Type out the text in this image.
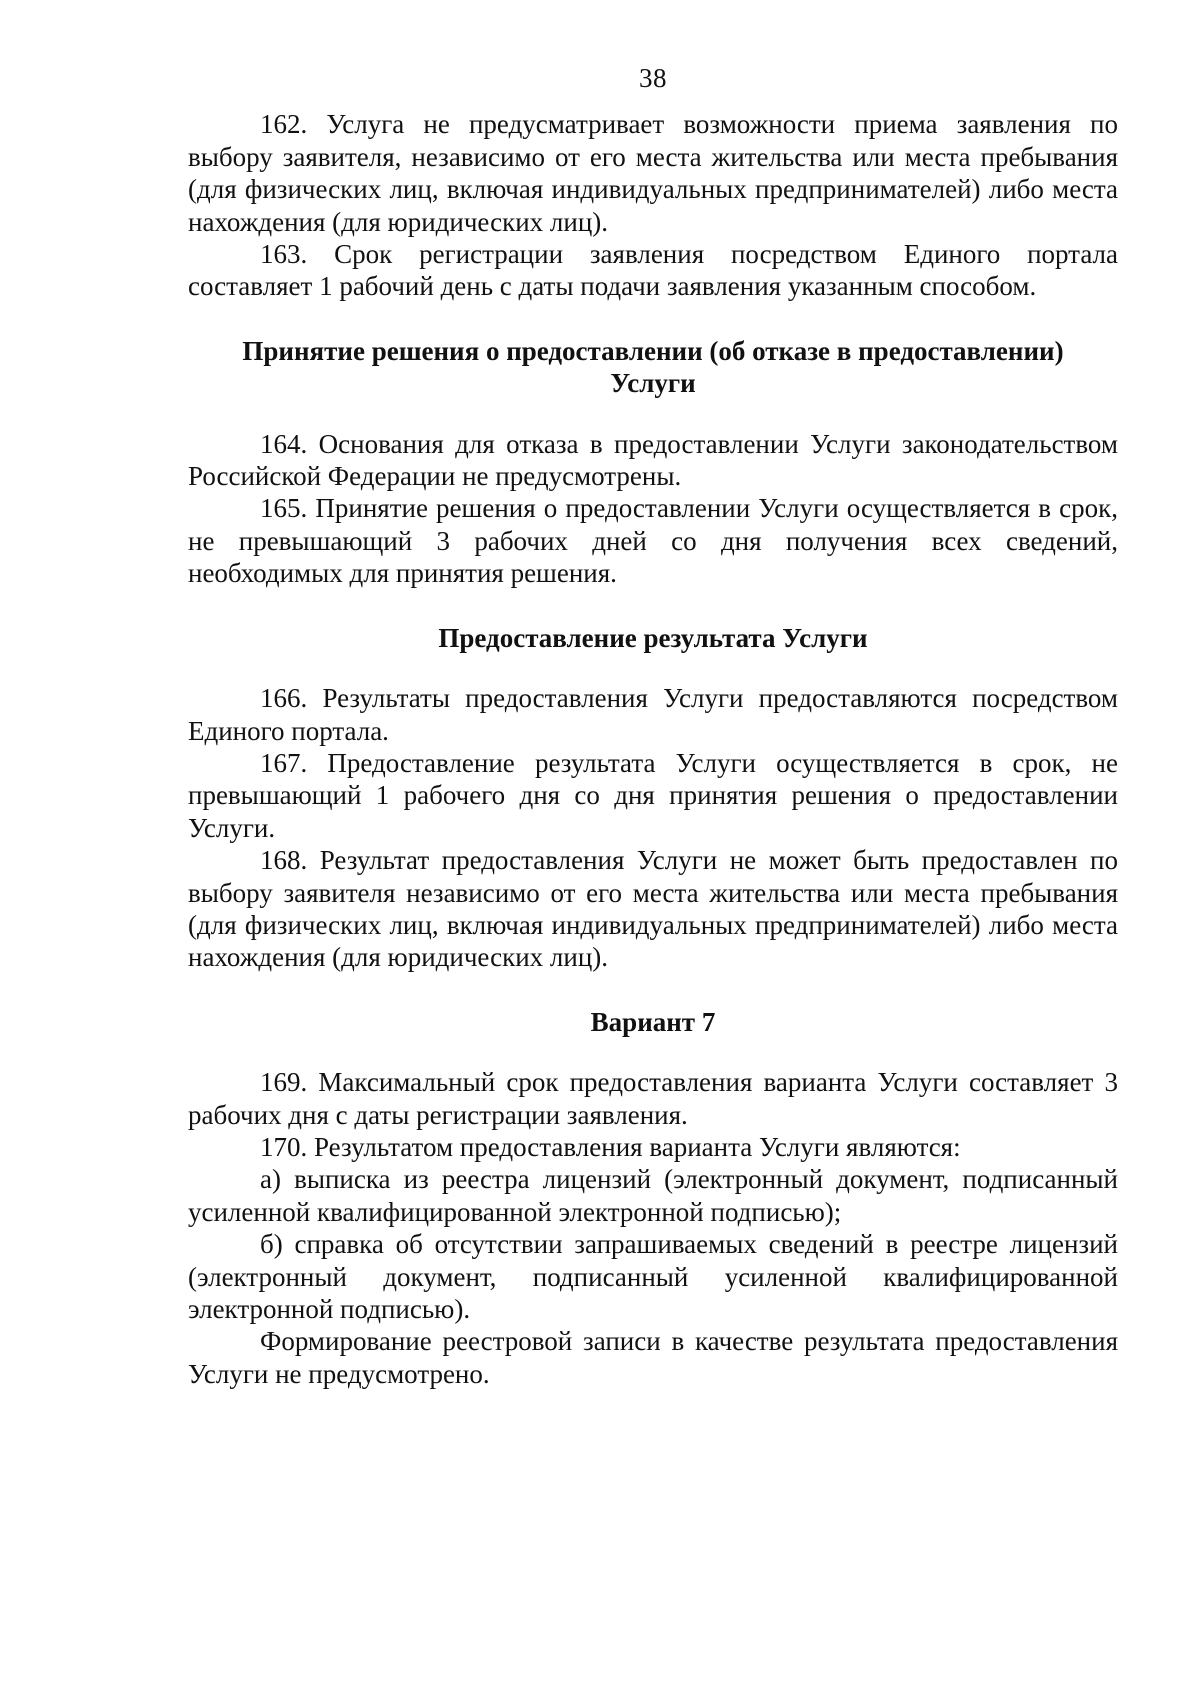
38

162. Услуга не предусматривает возможности приема заявления по выбору заявителя, независимо от его места жительства или места пребывания (для физических лиц, включая индивидуальных предпринимателей) либо места нахождения (для юридических лиц).

163. Срок регистрации заявления посредством Единого портала составляет 1 рабочий день с даты подачи заявления указанным способом.

Принятие решения о предоставлении (об отказе в предоставлении)

Услуги

164. Основания для отказа в предоставлении Услуги законодательством Российской Федерации не предусмотрены.

165. Принятие решения о предоставлении Услуги осуществляется в срок, не превышающий 3 рабочих дней со дня получения всех сведений, необходимых для принятия решения.

Предоставление результата Услуги

166. Результаты предоставления Услуги предоставляются посредством Единого портала.

167. Предоставление результата Услуги осуществляется в срок, не превышающий 1 рабочего дня со дня принятия решения о предоставлении Услуги.

168. Результат предоставления Услуги не может быть предоставлен по выбору заявителя независимо от его места жительства или места пребывания (для физических лиц, включая индивидуальных предпринимателей) либо места нахождения (для юридических лиц).

Вариант 7

169. Максимальный срок предоставления варианта Услуги составляет 3 рабочих дня с даты регистрации заявления.

170. Результатом предоставления варианта Услуги являются:

а) выписка из реестра лицензий (электронный документ, подписанный усиленной квалифицированной электронной подписью);

б) справка об отсутствии запрашиваемых сведений в реестре лицензий (электронный документ, подписанный усиленной квалифицированной электронной подписью).

Формирование реестровой записи в качестве результата предоставления Услуги не предусмотрено.
